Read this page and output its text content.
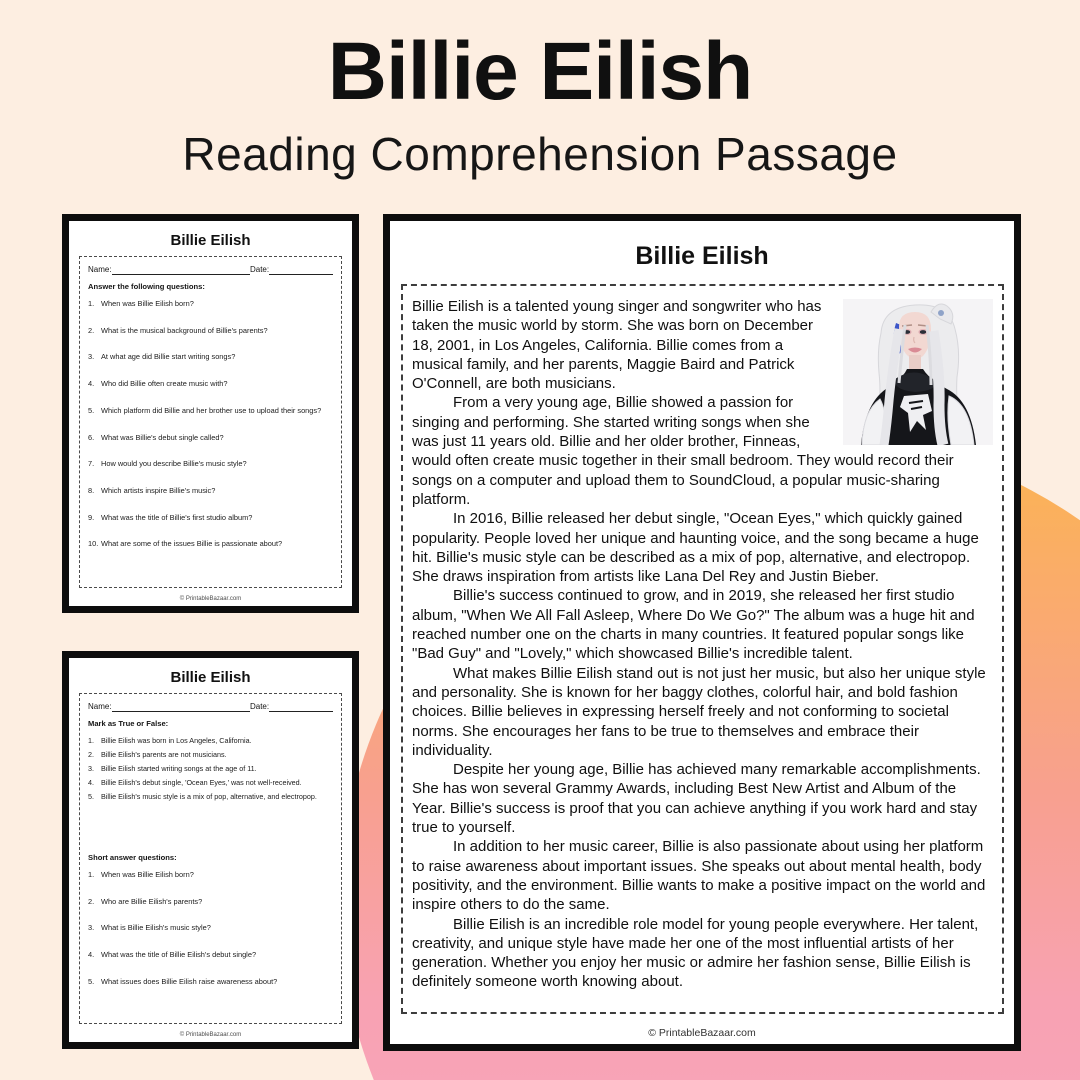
Billie Eilish
Reading Comprehension Passage
Billie Eilish
Name:	Date:
Answer the following questions:
1. When was Billie Eilish born?
2. What is the musical background of Billie's parents?
3. At what age did Billie start writing songs?
4. Who did Billie often create music with?
5. Which platform did Billie and her brother use to upload their songs?
6. What was Billie's debut single called?
7. How would you describe Billie's music style?
8. Which artists inspire Billie's music?
9. What was the title of Billie's first studio album?
10. What are some of the issues Billie is passionate about?
© PrintableBazaar.com
Billie Eilish
Name:	Date:
Mark as True or False:
1. Billie Eilish was born in Los Angeles, California.
2. Billie Eilish's parents are not musicians.
3. Billie Eilish started writing songs at the age of 11.
4. Billie Eilish's debut single, 'Ocean Eyes,' was not well-received.
5. Billie Eilish's music style is a mix of pop, alternative, and electropop.
Short answer questions:
1. When was Billie Eilish born?
2. Who are Billie Eilish's parents?
3. What is Billie Eilish's music style?
4. What was the title of Billie Eilish's debut single?
5. What issues does Billie Eilish raise awareness about?
© PrintableBazaar.com
Billie Eilish

Billie Eilish is a talented young singer and songwriter who has taken the music world by storm. She was born on December 18, 2001, in Los Angeles, California. Billie comes from a musical family, and her parents, Maggie Baird and Patrick O'Connell, are both musicians.

From a very young age, Billie showed a passion for singing and performing. She started writing songs when she was just 11 years old. Billie and her older brother, Finneas, would often create music together in their small bedroom. They would record their songs on a computer and upload them to SoundCloud, a popular music-sharing platform.

In 2016, Billie released her debut single, "Ocean Eyes," which quickly gained popularity. People loved her unique and haunting voice, and the song became a huge hit. Billie's music style can be described as a mix of pop, alternative, and electropop. She draws inspiration from artists like Lana Del Rey and Justin Bieber.

Billie's success continued to grow, and in 2019, she released her first studio album, "When We All Fall Asleep, Where Do We Go?" The album was a huge hit and reached number one on the charts in many countries. It featured popular songs like "Bad Guy" and "Lovely," which showcased Billie's incredible talent.

What makes Billie Eilish stand out is not just her music, but also her unique style and personality. She is known for her baggy clothes, colorful hair, and bold fashion choices. Billie believes in expressing herself freely and not conforming to societal norms. She encourages her fans to be true to themselves and embrace their individuality.

Despite her young age, Billie has achieved many remarkable accomplishments. She has won several Grammy Awards, including Best New Artist and Album of the Year. Billie's success is proof that you can achieve anything if you work hard and stay true to yourself.

In addition to her music career, Billie is also passionate about using her platform to raise awareness about important issues. She speaks out about mental health, body positivity, and the environment. Billie wants to make a positive impact on the world and inspire others to do the same.

Billie Eilish is an incredible role model for young people everywhere. Her talent, creativity, and unique style have made her one of the most influential artists of her generation. Whether you enjoy her music or admire her fashion sense, Billie Eilish is definitely someone worth knowing about.

© PrintableBazaar.com
